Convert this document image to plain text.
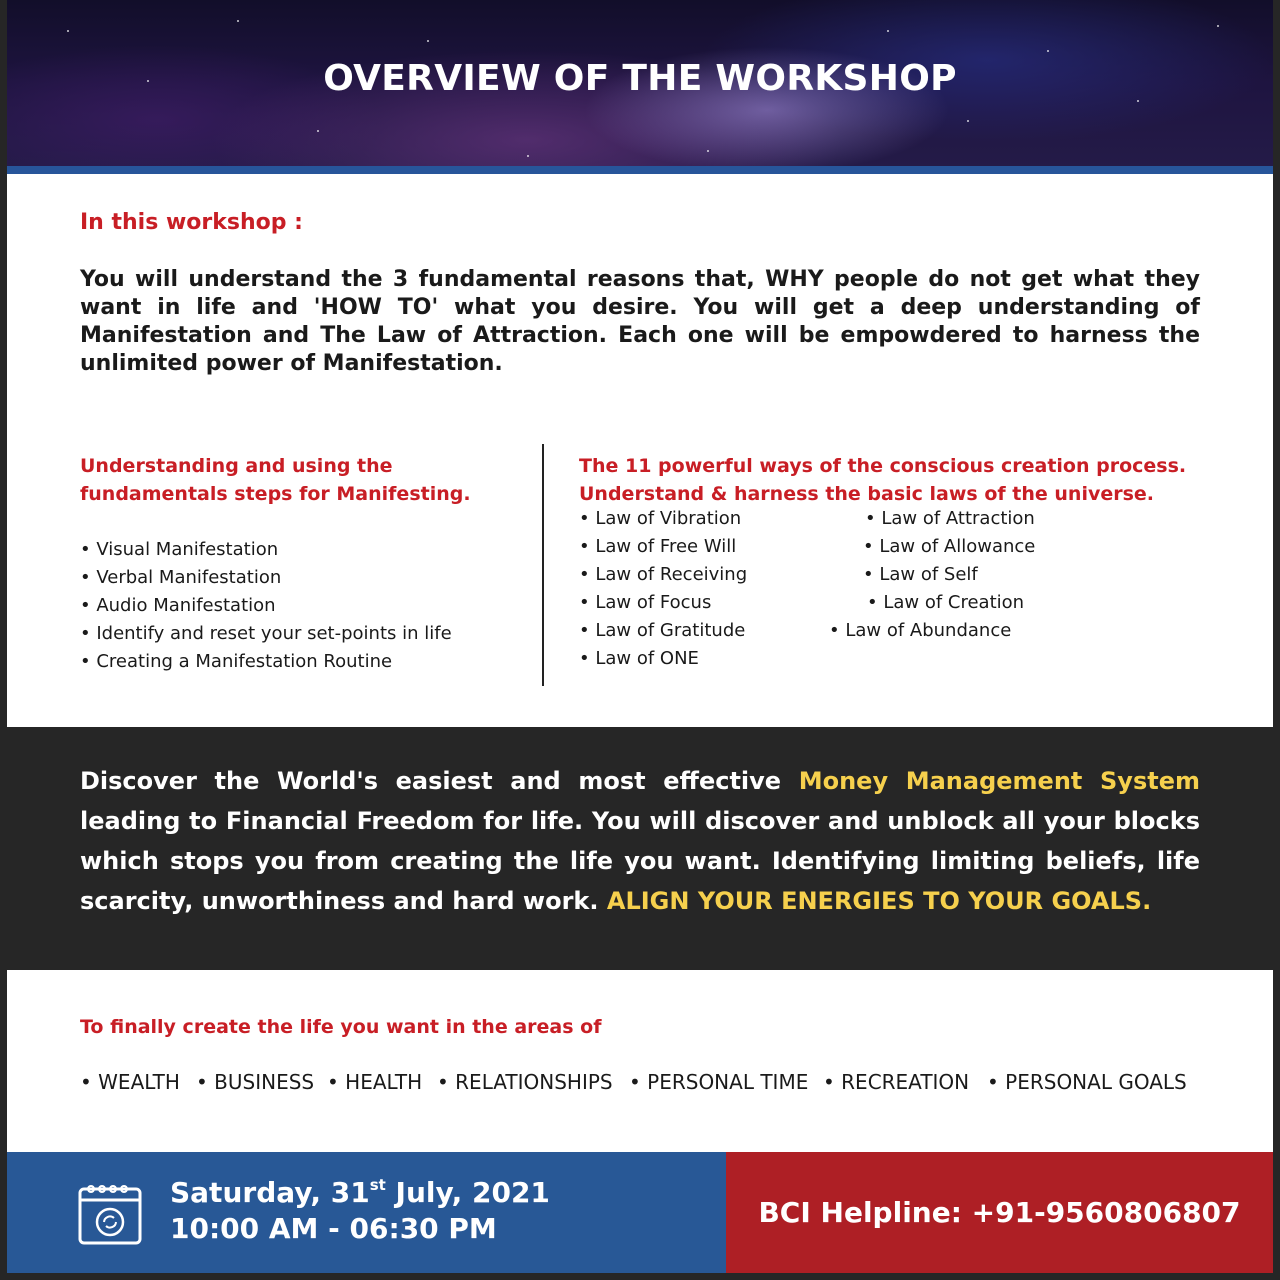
OVERVIEW OF THE WORKSHOP
In this workshop :
You will understand the 3 fundamental reasons that, WHY people do not get what they want in life and 'HOW TO' what you desire. You will get a deep understanding of Manifestation and The Law of Attraction. Each one will be empowdered to harness the unlimited power of Manifestation.
Understanding and using the
fundamentals steps for Manifesting.
• Visual Manifestation
• Verbal Manifestation
• Audio Manifestation
• Identify and reset your set-points in life
• Creating a Manifestation Routine
The 11 powerful ways of the conscious creation process.
Understand & harness the basic laws of the universe.
• Law of Vibration
• Law of Free Will
• Law of Receiving
• Law of Focus
• Law of Gratitude
• Law of ONE
• Law of Attraction
• Law of Allowance
• Law of Self
• Law of Creation
• Law of Abundance
Discover the World's easiest and most effective Money Management System leading to Financial Freedom for life. You will discover and unblock all your blocks which stops you from creating the life you want. Identifying limiting beliefs, life scarcity, unworthiness and hard work. ALIGN YOUR ENERGIES TO YOUR GOALS.
To finally create the life you want in the areas of
• WEALTH • BUSINESS • HEALTH • RELATIONSHIPS • PERSONAL TIME • RECREATION • PERSONAL GOALS
Saturday, 31st July, 2021
10:00 AM - 06:30 PM	BCI Helpline: +91-9560806807
